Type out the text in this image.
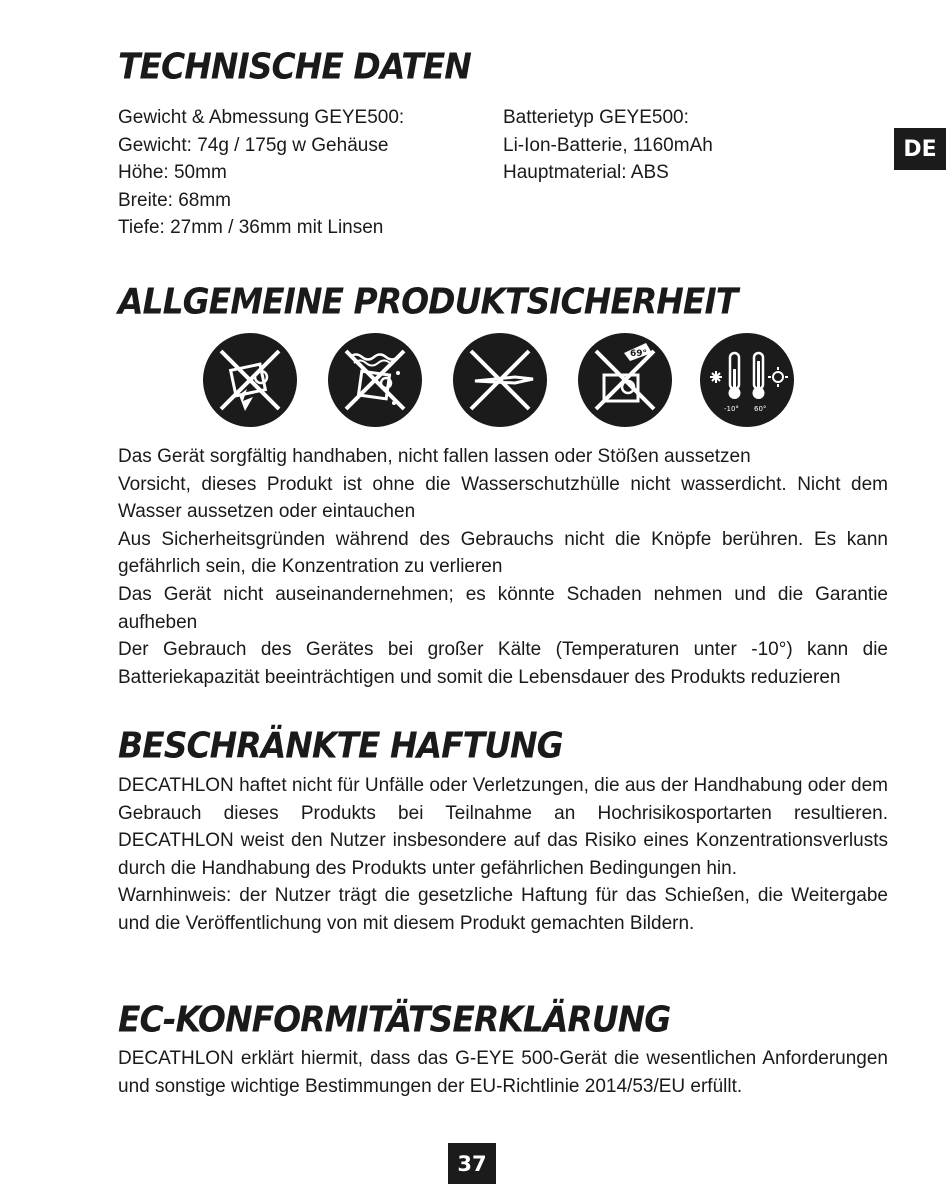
TECHNISCHE DATEN
Gewicht & Abmessung GEYE500:
Gewicht: 74g / 175g w Gehäuse
Höhe: 50mm
Breite: 68mm
Tiefe: 27mm / 36mm mit Linsen
Batterietyp GEYE500:
Li-Ion-Batterie, 1160mAh
Hauptmaterial: ABS
ALLGEMEINE PRODUKTSICHERHEIT
69°
-10° 60°

Das Gerät sorgfältig handhaben, nicht fallen lassen oder Stößen aussetzen

Vorsicht, dieses Produkt ist ohne die Wasserschutzhülle nicht wasserdicht. Nicht dem Wasser aussetzen oder eintauchen

Aus Sicherheitsgründen während des Gebrauchs nicht die Knöpfe berühren. Es kann gefährlich sein, die Konzentration zu verlieren

Das Gerät nicht auseinandernehmen; es könnte Schaden nehmen und die Garantie aufheben

Der Gebrauch des Gerätes bei großer Kälte (Temperaturen unter -10°) kann die Batteriekapazität beeinträchtigen und somit die Lebensdauer des Produkts reduzieren

BESCHRÄNKTE HAFTUNG

DECATHLON haftet nicht für Unfälle oder Verletzungen, die aus der Handhabung oder dem Gebrauch dieses Produkts bei Teilnahme an Hochrisikosportarten resultieren. DECATHLON weist den Nutzer insbesondere auf das Risiko eines Konzentrationsverlusts durch die Handhabung des Produkts unter gefährlichen Bedingungen hin.

Warnhinweis: der Nutzer trägt die gesetzliche Haftung für das Schießen, die Weitergabe und die Veröffentlichung von mit diesem Produkt gemachten Bildern.

EC-KONFORMITÄTSERKLÄRUNG

DECATHLON erklärt hiermit, dass das G-EYE 500-Gerät die wesentlichen Anforderungen und sonstige wichtige Bestimmungen der EU-Richtlinie 2014/53/EU erfüllt.

DE
37
